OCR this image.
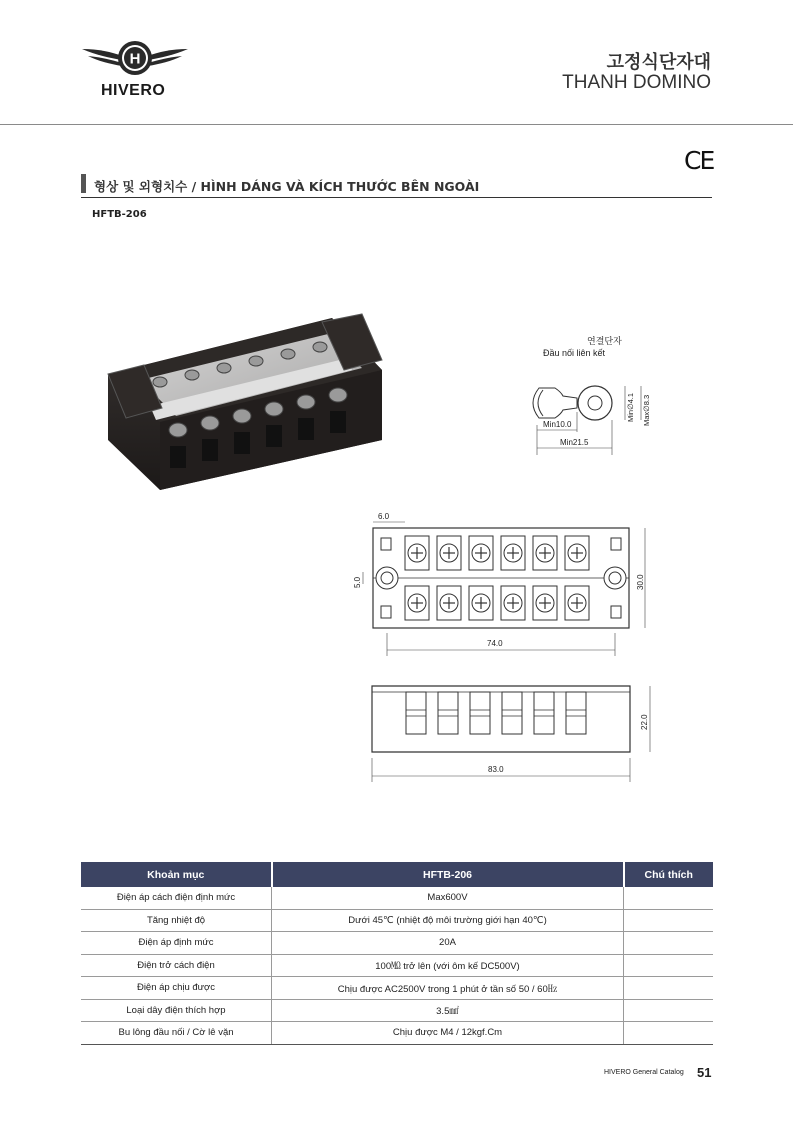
H
HIVERO
고정식단자대
THANH DOMINO
CE
형상 및 외형치수 / HÌNH DÁNG VÀ KÍCH THƯỚC BÊN NGOÀI
HFTB-206
연결단자
Đầu nối liên kết
Min10.0
Min21.5
Min∅4.1 Max∅8.3
6.0
5.0	30.0
74.0
22.0
83.0
Khoản mục	HFTB-206	Chú thích
Điện áp cách điện định mức	Max600V	
Tăng nhiệt độ	Dưới 45℃ (nhiệt độ môi trường giới hạn 40℃)	
Điện áp định mức	20A	
Điện trở cách điện	100㏁ trở lên (với ôm kế DC500V)	
Điện áp chịu được	Chịu được AC2500V trong 1 phút ở tần số 50 / 60㎐	
Loại dây điện thích hợp	3.5㎟	
Bu lông đầu nối / Cờ lê vặn	Chịu được M4 / 12kgf.Cm	
HIVERO General Catalog 51
